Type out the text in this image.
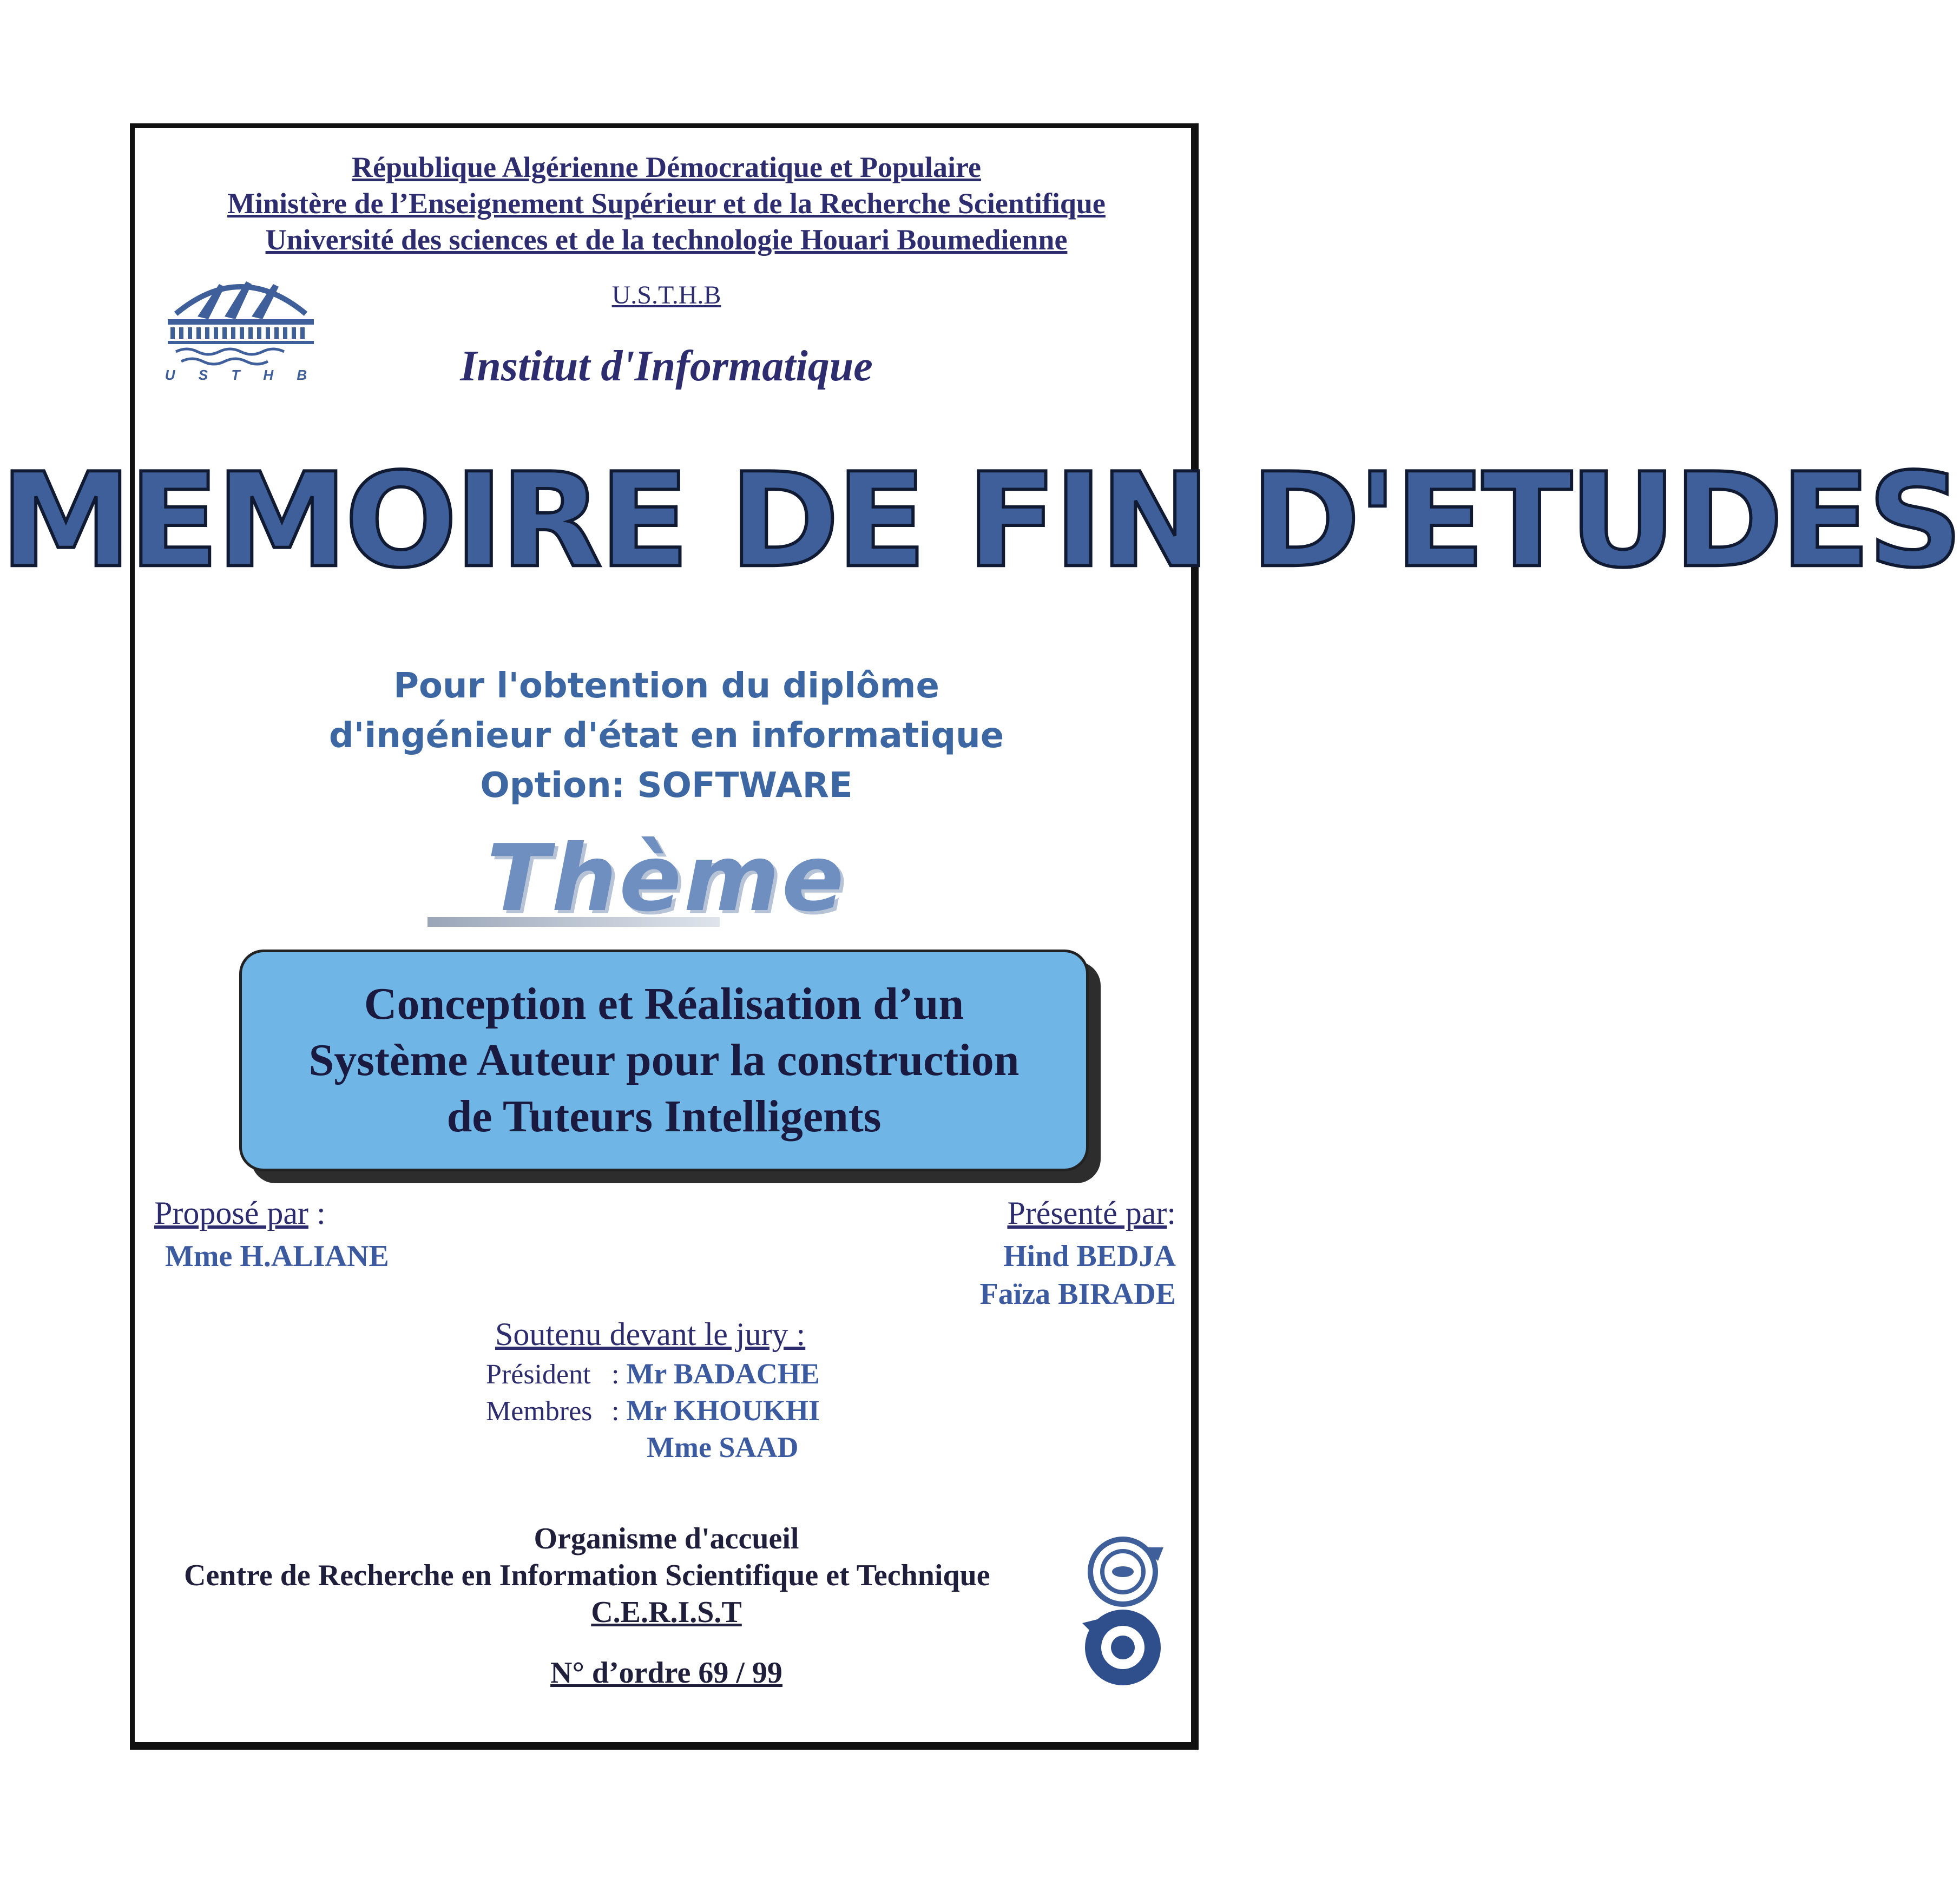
République Algérienne Démocratique et Populaire
Ministère de l’Enseignement Supérieur et de la Recherche Scientifique
Université des sciences et de la technologie Houari Boumedienne
U.S.T.H.B
Institut d'Informatique
U S T H B
MEMOIRE DE FIN D'ETUDES
Pour l'obtention du diplôme
d'ingénieur d'état en informatique
Option: SOFTWARE
Thème
Conception et Réalisation d’un
Système Auteur pour la construction
de Tuteurs Intelligents
Proposé par :
Mme H.ALIANE
Présenté par:
Hind BEDJA
Faïza BIRADE
Soutenu devant le jury :
Président : Mr BADACHE
Membres : Mr KHOUKHI
Mme SAAD
Organisme d'accueil
Centre de Recherche en Information Scientifique et Technique
C.E.R.I.S.T
N° d’ordre 69 / 99
